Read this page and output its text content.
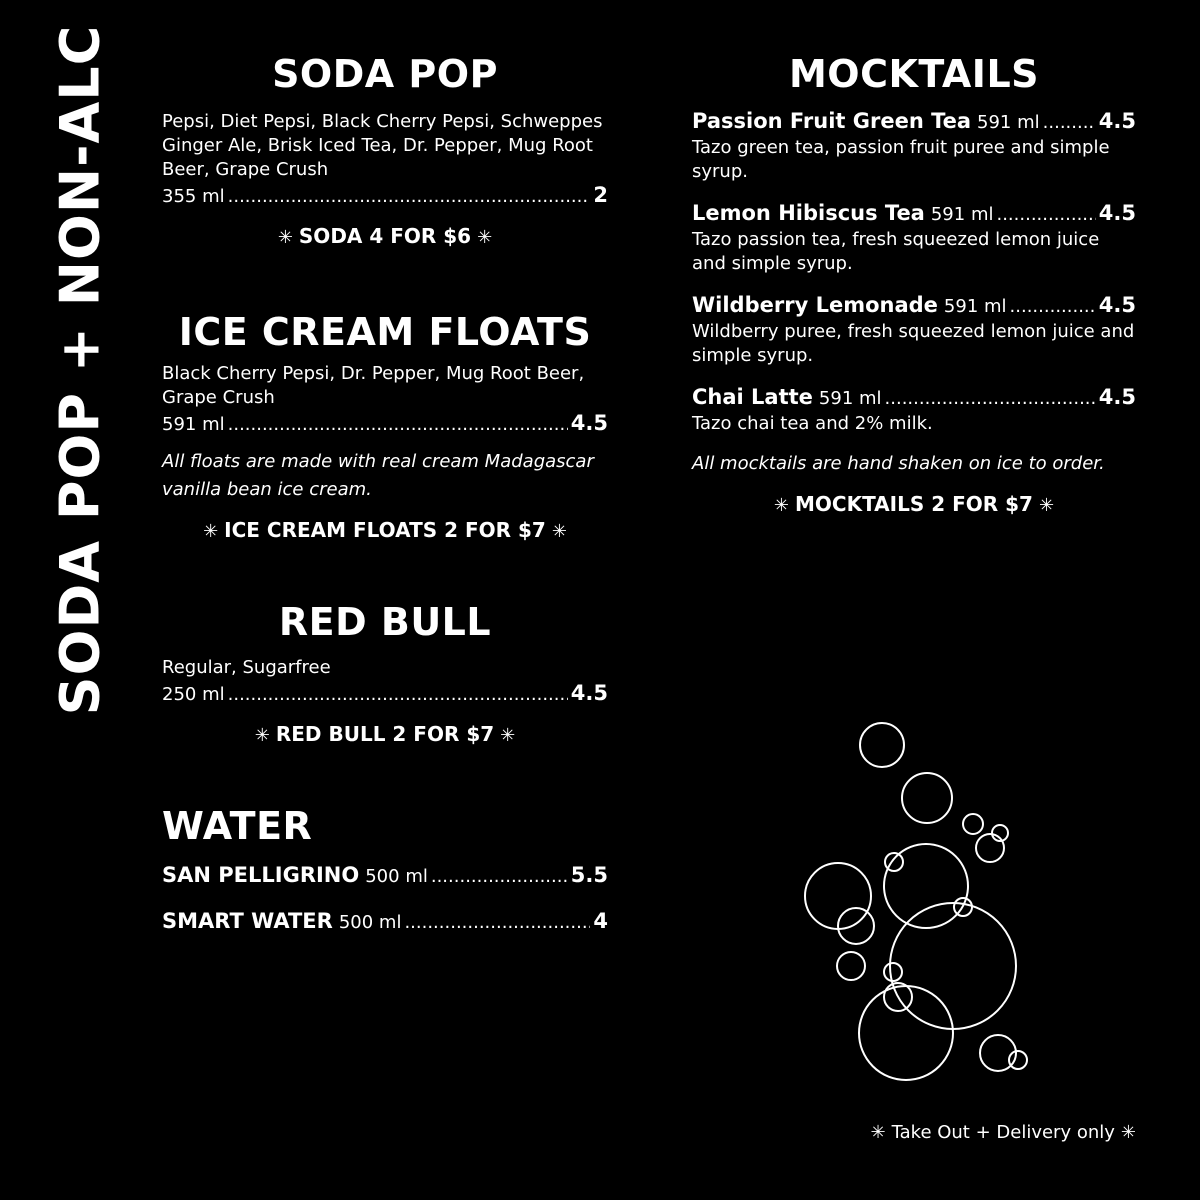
SODA POP + NON-ALC	SODA POP
Pepsi, Diet Pepsi, Black Cherry Pepsi, Schweppes Ginger Ale, Brisk Iced Tea, Dr. Pepper, Mug Root Beer, Grape Crush
355 ml .....	2
✳ SODA 4 FOR $6 ✳
ICE CREAM FLOATS
Black Cherry Pepsi, Dr. Pepper, Mug Root Beer, Grape Crush
591 ml .....	4.5
All floats are made with real cream Madagascar vanilla bean ice cream.
✳ ICE CREAM FLOATS 2 FOR $7 ✳
RED BULL
Regular, Sugarfree
250 ml .....	4.5
✳ RED BULL 2 FOR $7 ✳
WATER
SAN PELLIGRINO 500 ml .....	5.5
SMART WATER 500 ml .....	4
MOCKTAILS
Passion Fruit Green Tea 591 ml .....	4.5
Tazo green tea, passion fruit puree and simple syrup.
Lemon Hibiscus Tea 591 ml .....	4.5
Tazo passion tea, fresh squeezed lemon juice and simple syrup.
Wildberry Lemonade 591 ml .....	4.5
Wildberry puree, fresh squeezed lemon juice and simple syrup.
Chai Latte 591 ml .....	4.5
Tazo chai tea and 2% milk.
All mocktails are hand shaken on ice to order.
✳ MOCKTAILS 2 FOR $7 ✳
✳ Take Out + Delivery only ✳
